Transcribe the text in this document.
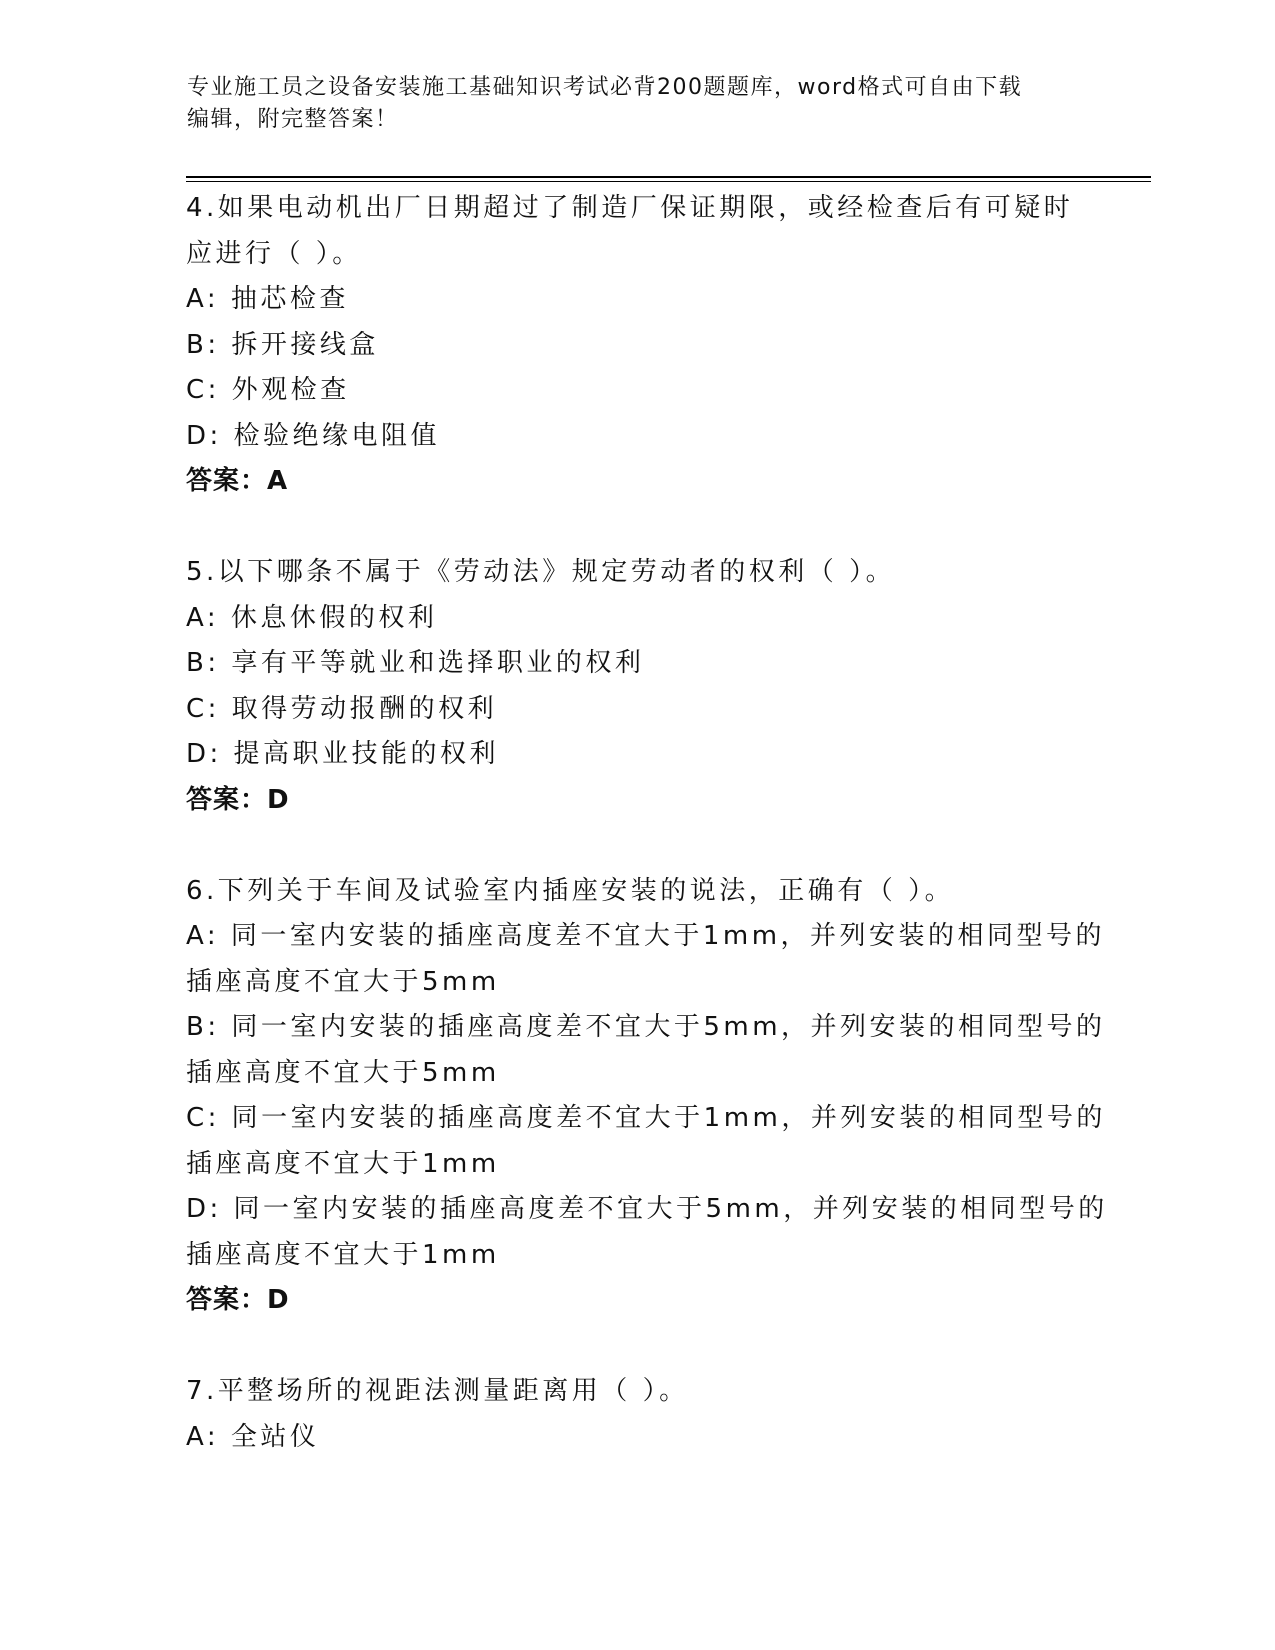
专业施工员之设备安装施工基础知识考试必背200题题库，word格式可自由下载
编辑，附完整答案！
4.如果电动机出厂日期超过了制造厂保证期限，或经检查后有可疑时
应进行（ ）。
A: 抽芯检查
B: 拆开接线盒
C: 外观检查
D: 检验绝缘电阻值
答案：A
5.以下哪条不属于《劳动法》规定劳动者的权利（ ）。
A: 休息休假的权利
B: 享有平等就业和选择职业的权利
C: 取得劳动报酬的权利
D: 提高职业技能的权利
答案：D
6.下列关于车间及试验室内插座安装的说法，正确有（ ）。
A: 同一室内安装的插座高度差不宜大于1mm，并列安装的相同型号的
插座高度不宜大于5mm
B: 同一室内安装的插座高度差不宜大于5mm，并列安装的相同型号的
插座高度不宜大于5mm
C: 同一室内安装的插座高度差不宜大于1mm，并列安装的相同型号的
插座高度不宜大于1mm
D: 同一室内安装的插座高度差不宜大于5mm，并列安装的相同型号的
插座高度不宜大于1mm
答案：D
7.平整场所的视距法测量距离用（ ）。
A: 全站仪
